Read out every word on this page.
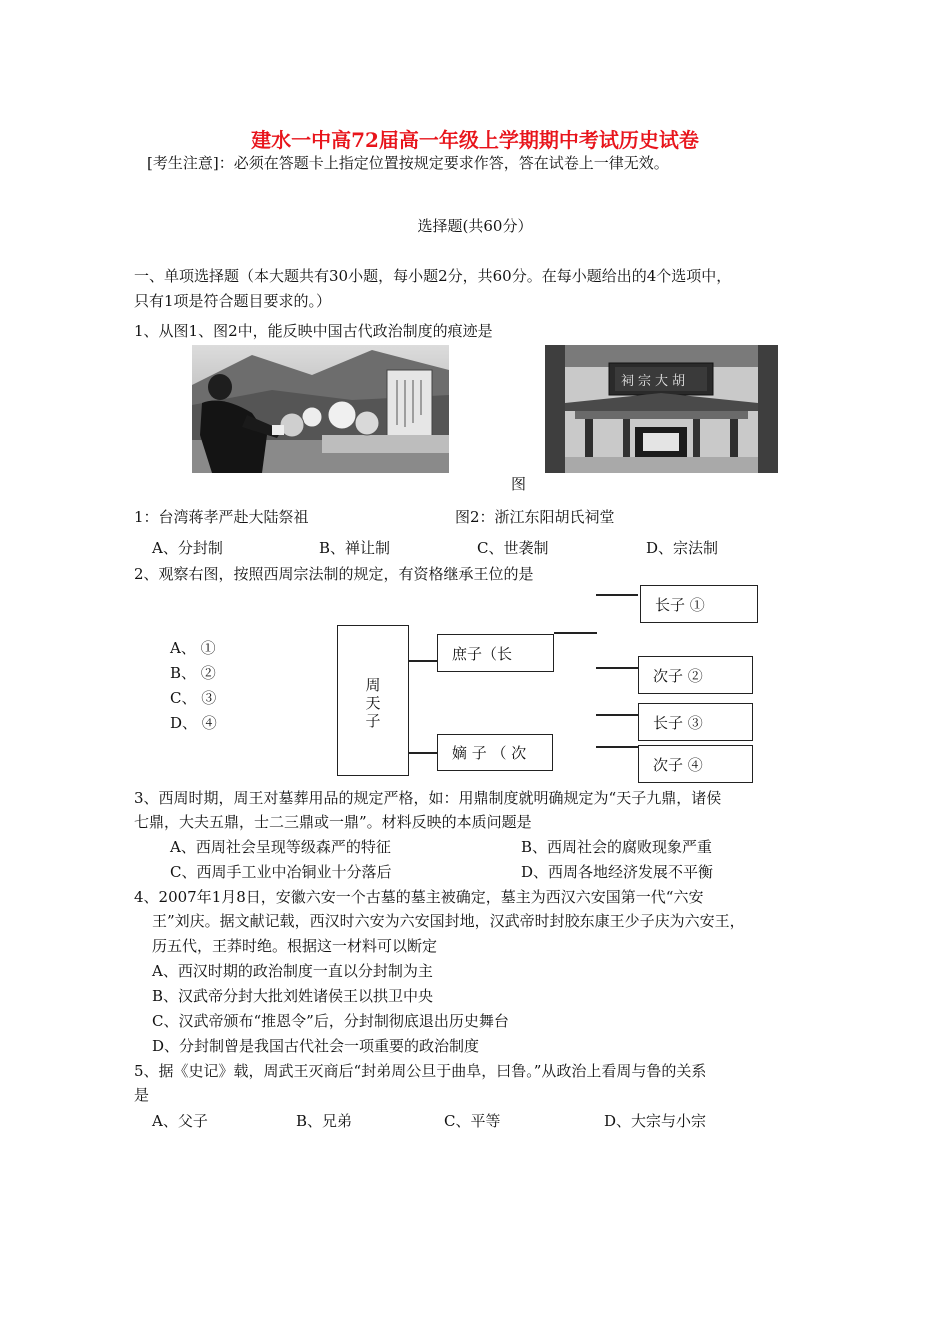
建水一中高72届高一年级上学期期中考试历史试卷
[考生注意]：必须在答题卡上指定位置按规定要求作答，答在试卷上一律无效。
选择题(共60分）
一、单项选择题（本大题共有30小题，每小题2分，共60分。在每小题给出的4个选项中，
只有1项是符合题目要求的。）
1、从图1、图2中，能反映中国古代政治制度的痕迹是
祠宗大胡
图
1：台湾蒋孝严赴大陆祭祖	图2：浙江东阳胡氏祠堂
A、分封制	B、禅让制	C、世袭制	D、宗法制
2、观察右图，按照西周宗法制的规定，有资格继承王位的是
A、 ①
B、 ②
C、 ③
D、 ④
周天子
庶子（长
嫡 子 （ 次
长子 ①
次子 ②
长子 ③
次子 ④
3、西周时期，周王对墓葬用品的规定严格，如：用鼎制度就明确规定为“天子九鼎，诸侯
七鼎，大夫五鼎，士二三鼎或一鼎”。材料反映的本质问题是
A、西周社会呈现等级森严的特征	B、西周社会的腐败现象严重
C、西周手工业中冶铜业十分落后	D、西周各地经济发展不平衡
4、2007年1月8日，安徽六安一个古墓的墓主被确定，墓主为西汉六安国第一代“六安
王”刘庆。据文献记载，西汉时六安为六安国封地，汉武帝时封胶东康王少子庆为六安王，
历五代，王莽时绝。根据这一材料可以断定
A、西汉时期的政治制度一直以分封制为主
B、汉武帝分封大批刘姓诸侯王以拱卫中央
C、汉武帝颁布“推恩令”后，分封制彻底退出历史舞台
D、分封制曾是我国古代社会一项重要的政治制度
5、据《史记》载，周武王灭商后“封弟周公旦于曲阜，曰鲁。”从政治上看周与鲁的关系
是
A、父子	B、兄弟	C、平等	D、大宗与小宗
